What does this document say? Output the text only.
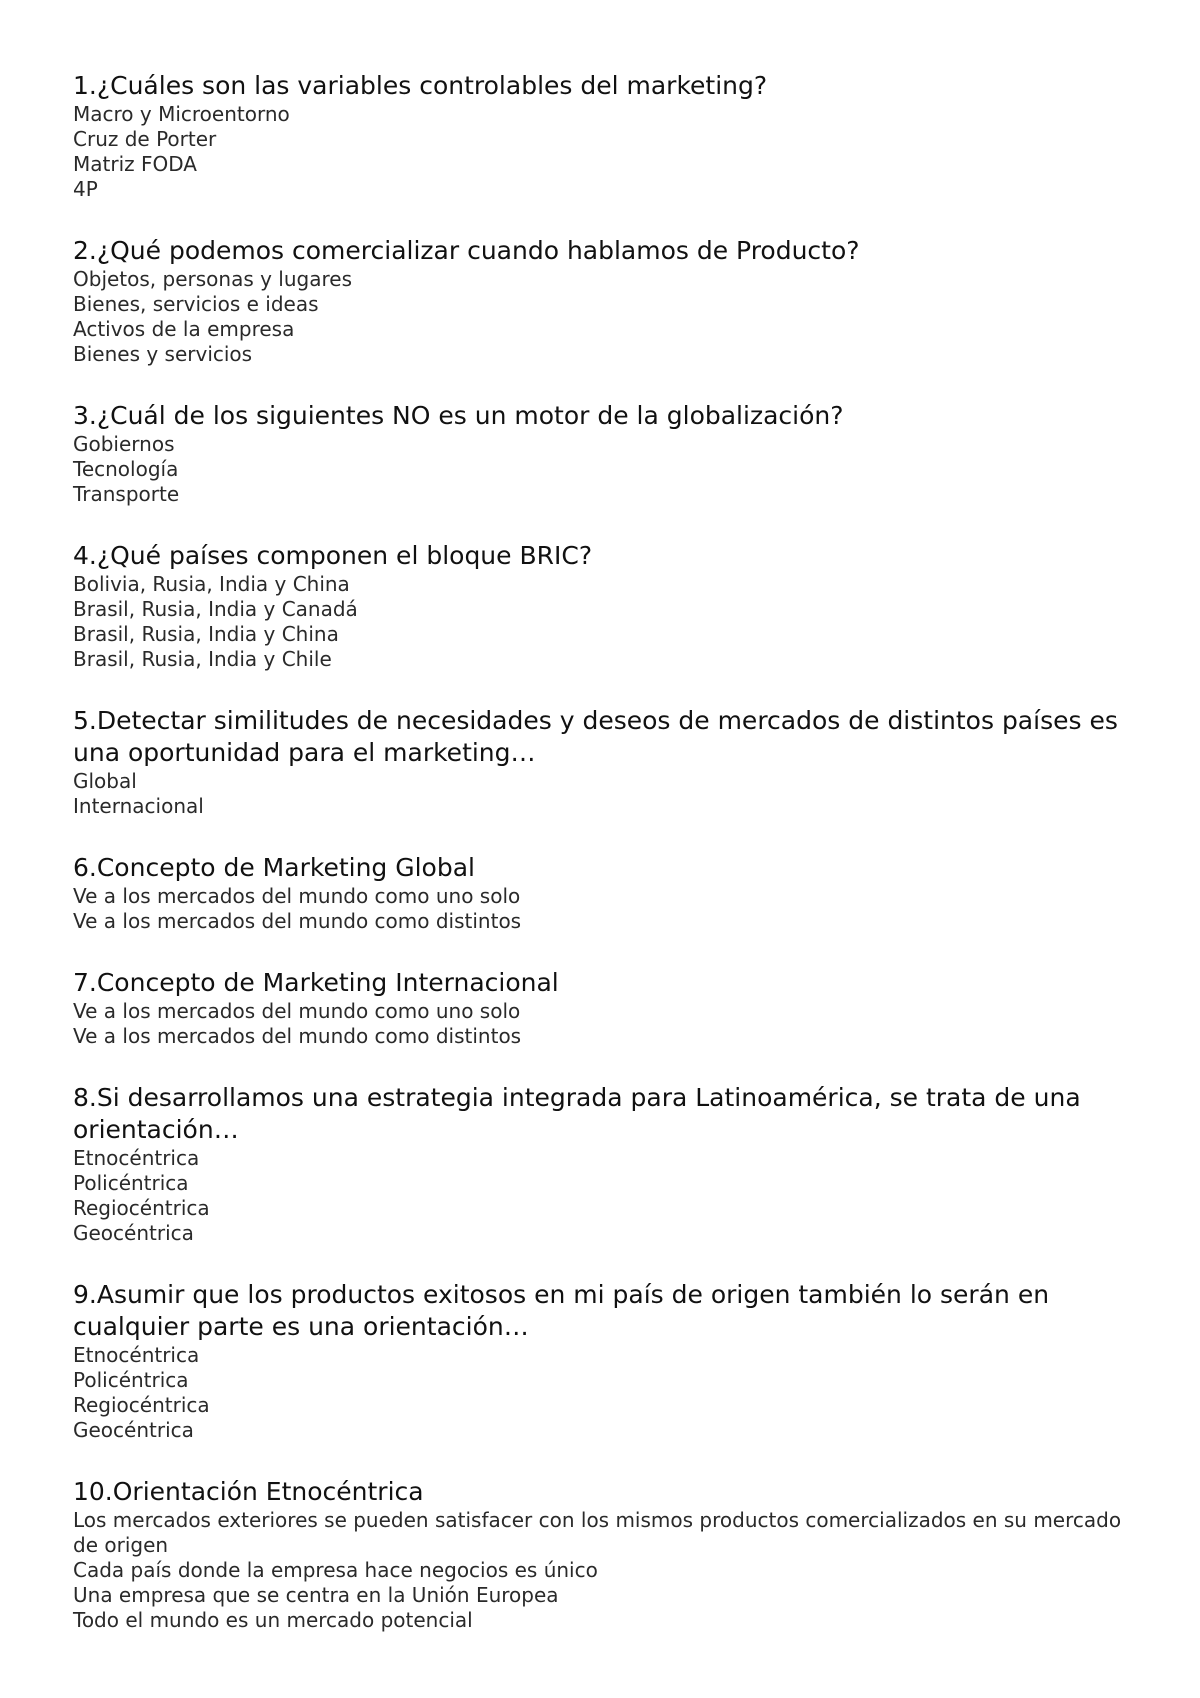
1.¿Cuáles son las variables controlables del marketing?

Macro y Microentorno

Cruz de Porter

Matriz FODA

4P

2.¿Qué podemos comercializar cuando hablamos de Producto?

Objetos, personas y lugares

Bienes, servicios e ideas

Activos de la empresa

Bienes y servicios

3.¿Cuál de los siguientes NO es un motor de la globalización?

Gobiernos

Tecnología

Transporte

4.¿Qué países componen el bloque BRIC?

Bolivia, Rusia, India y China

Brasil, Rusia, India y Canadá

Brasil, Rusia, India y China

Brasil, Rusia, India y Chile

5.Detectar similitudes de necesidades y deseos de mercados de distintos países es una oportunidad para el marketing…

Global

Internacional

6.Concepto de Marketing Global

Ve a los mercados del mundo como uno solo

Ve a los mercados del mundo como distintos

7.Concepto de Marketing Internacional

Ve a los mercados del mundo como uno solo

Ve a los mercados del mundo como distintos

8.Si desarrollamos una estrategia integrada para Latinoamérica, se trata de una orientación…

Etnocéntrica

Policéntrica

Regiocéntrica

Geocéntrica

9.Asumir que los productos exitosos en mi país de origen también lo serán en cualquier parte es una orientación…

Etnocéntrica

Policéntrica

Regiocéntrica

Geocéntrica

10.Orientación Etnocéntrica

Los mercados exteriores se pueden satisfacer con los mismos productos comercializados en su mercado de origen

Cada país donde la empresa hace negocios es único

Una empresa que se centra en la Unión Europea

Todo el mundo es un mercado potencial
